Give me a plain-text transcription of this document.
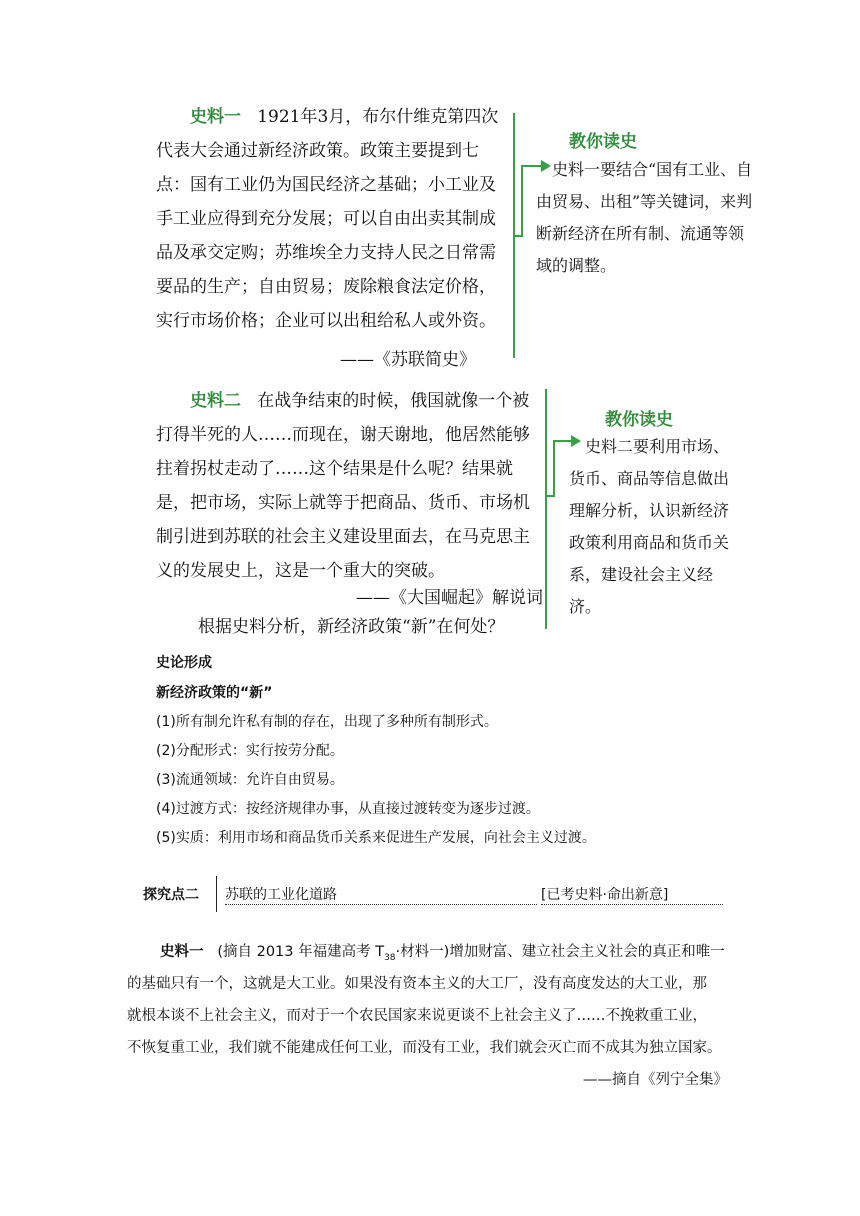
史料一 1921年3月，布尔什维克第四次代表大会通过新经济政策。政策主要提到七点：国有工业仍为国民经济之基础；小工业及手工业应得到充分发展；可以自由出卖其制成品及承交定购；苏维埃全力支持人民之日常需要品的生产；自由贸易；废除粮食法定价格，实行市场价格；企业可以出租给私人或外资。
——《苏联简史》
教你读史
史料一要结合“国有工业、自由贸易、出租”等关键词，来判断新经济在所有制、流通等领域的调整。
史料二 在战争结束的时候，俄国就像一个被打得半死的人……而现在，谢天谢地，他居然能够拄着拐杖走动了……这个结果是什么呢？结果就是，把市场，实际上就等于把商品、货币、市场机制引进到苏联的社会主义建设里面去，在马克思主义的发展史上，这是一个重大的突破。
——《大国崛起》解说词
根据史料分析，新经济政策“新”在何处？
教你读史
史料二要利用市场、货币、商品等信息做出理解分析，认识新经济政策利用商品和货币关系，建设社会主义经济。
史论形成
新经济政策的“新”
(1)所有制允许私有制的存在，出现了多种所有制形式。
(2)分配形式：实行按劳分配。
(3)流通领域：允许自由贸易。
(4)过渡方式：按经济规律办事，从直接过渡转变为逐步过渡。
(5)实质：利用市场和商品货币关系来促进生产发展，向社会主义过渡。
探究点二 苏联的工业化道路	[已考史料·命出新意]
史料一 (摘自 2013 年福建高考 $T_{38}\cdot$材料一)增加财富、建立社会主义社会的真正和唯一
的基础只有一个，这就是大工业。如果没有资本主义的大工厂，没有高度发达的大工业，那
就根本谈不上社会主义，而对于一个农民国家来说更谈不上社会主义了……不挽救重工业，
不恢复重工业，我们就不能建成任何工业，而没有工业，我们就会灭亡而不成其为独立国家。
——摘自《列宁全集》
